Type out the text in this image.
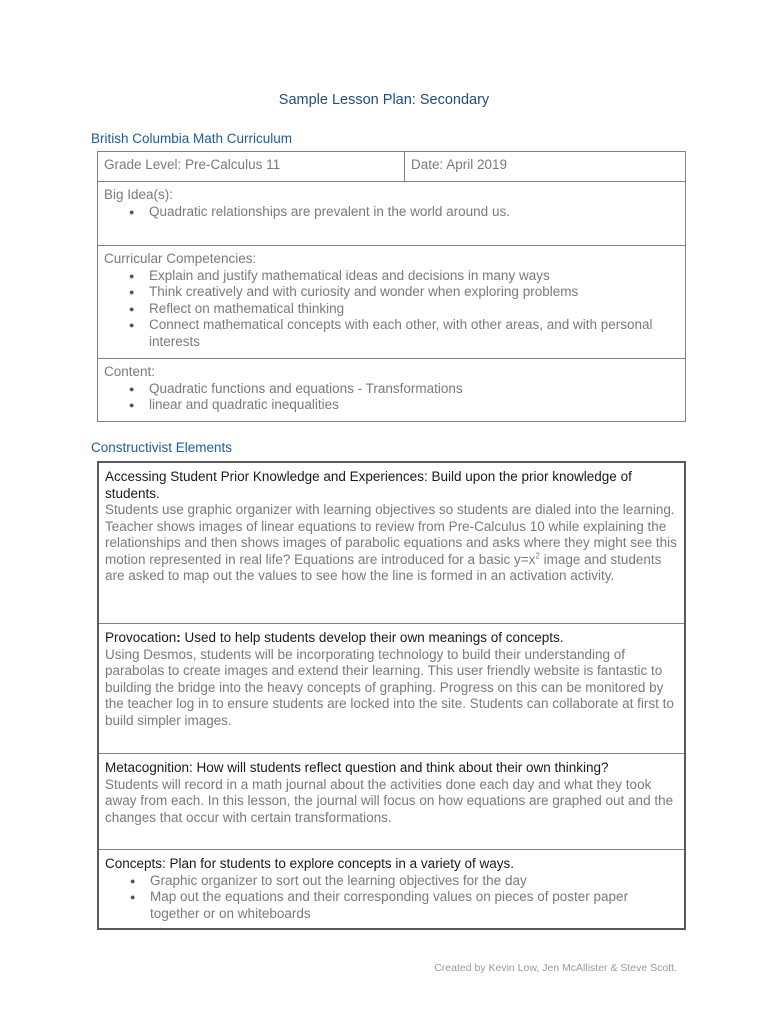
Sample Lesson Plan: Secondary
British Columbia Math Curriculum
Grade Level: Pre-Calculus 11	Date: April 2019

Big Idea(s):
● Quadratic relationships are prevalent in the world around us.

Curricular Competencies:
● Explain and justify mathematical ideas and decisions in many ways
● Think creatively and with curiosity and wonder when exploring problems
● Reflect on mathematical thinking
● Connect mathematical concepts with each other, with other areas, and with personal interests

Content:
● Quadratic functions and equations - Transformations
● linear and quadratic inequalities
Constructivist Elements
Accessing Student Prior Knowledge and Experiences: Build upon the prior knowledge of students.
Students use graphic organizer with learning objectives so students are dialed into the learning. Teacher shows images of linear equations to review from Pre-Calculus 10 while explaining the relationships and then shows images of parabolic equations and asks where they might see this motion represented in real life? Equations are introduced for a basic $y=x^2$ image and students are asked to map out the values to see how the line is formed in an activation activity.

Provocation: Used to help students develop their own meanings of concepts.
Using Desmos, students will be incorporating technology to build their understanding of parabolas to create images and extend their learning. This user friendly website is fantastic to building the bridge into the heavy concepts of graphing. Progress on this can be monitored by the teacher log in to ensure students are locked into the site. Students can collaborate at first to build simpler images.

Metacognition: How will students reflect question and think about their own thinking?
Students will record in a math journal about the activities done each day and what they took away from each. In this lesson, the journal will focus on how equations are graphed out and the changes that occur with certain transformations.

Concepts: Plan for students to explore concepts in a variety of ways.
● Graphic organizer to sort out the learning objectives for the day
● Map out the equations and their corresponding values on pieces of poster paper together or on whiteboards
Created by Kevin Low, Jen McAllister & Steve Scott.
